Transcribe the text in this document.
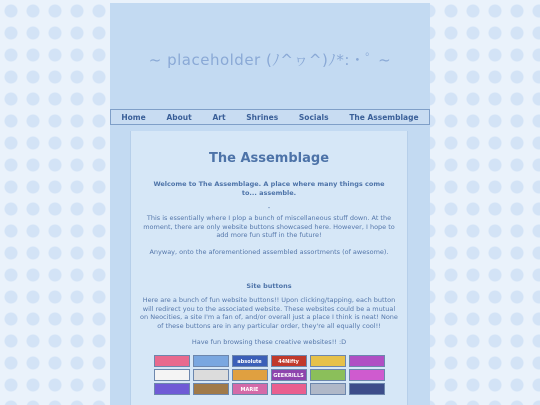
~ placeholder (ﾉ^ヮ^)ﾉ*:・ﾟ ~
Home	About	Art	Shrines	Socials	The Assemblage
The Assemblage
Welcome to The Assemblage. A place where many things come to... assemble.
-

This is essentially where I plop a bunch of miscellaneous stuff down. At the moment, there are only website buttons showcased here. However, I hope to add more fun stuff in the future!

Anyway, onto the aforementioned assembled assortments (of awesome).

Site buttons

Here are a bunch of fun website buttons!! Upon clicking/tapping, each button will redirect you to the associated website. These websites could be a mutual on Neocities, a site I'm a fan of, and/or overall just a place I think is neat! None of these buttons are in any particular order, they're all equally cool!!

Have fun browsing these creative websites!! :D

absolute	44Nifty
GEEKRILLS
MARIE
